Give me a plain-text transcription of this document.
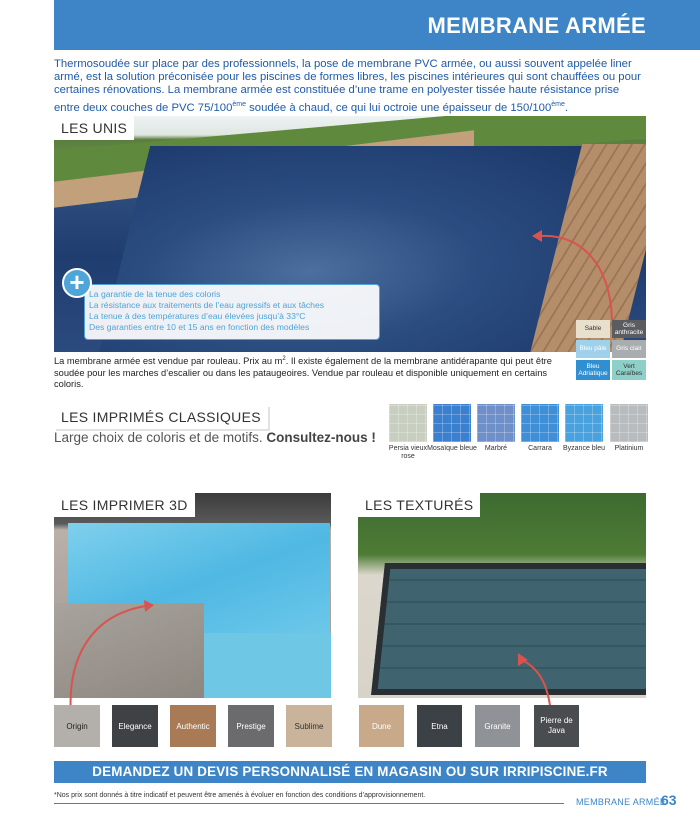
MEMBRANE ARMÉE
Thermosoudée sur place par des professionnels, la pose de membrane PVC armée, ou aussi souvent appelée liner armé, est la solution préconisée pour les piscines de formes libres, les piscines intérieures qui sont chauffées ou pour certaines rénovations. La membrane armée est constituée d’une trame en polyester tissée haute résistance prise entre deux couches de PVC 75/100ème soudée à chaud, ce qui lui octroie une épaisseur de 150/100ème.
LES UNIS
La garantie de la tenue des coloris
La résistance aux traitements de l’eau agressifs et aux tâches
La tenue à des températures d’eau élevées jusqu’à 33°C
Des garanties entre 10 et 15 ans en fonction des modèles
+
Sable
Gris anthracite
Bleu pâle	Gris clair
Bleu Adriatique
Vert Caraïbes
La membrane armée est vendue par rouleau. Prix au $m^2$. Il existe également de la membrane antidérapante qui peut être soudée pour les marches d’escalier ou dans les pataugeoires. Vendue par rouleau et disponible uniquement en certains coloris.
LES IMPRIMÉS CLASSIQUES
Large choix de coloris et de motifs. Consultez-nous !
Persia vieux rose
Mosaïque bleue	Marbré	Carrara	Byzance bleu	Platinium
LES IMPRIMER 3D	LES TEXTURÉS
Origin	Elegance	Authentic	Prestige	Sublime	Dune	Etna	Granite
Pierre de Java
DEMANDEZ UN DEVIS PERSONNALISÉ EN MAGASIN OU SUR IRRIPISCINE.FR
*Nos prix sont donnés à titre indicatif et peuvent être amenés à évoluer en fonction des conditions d’approvisionnement.
MEMBRANE ARMÉE
63
